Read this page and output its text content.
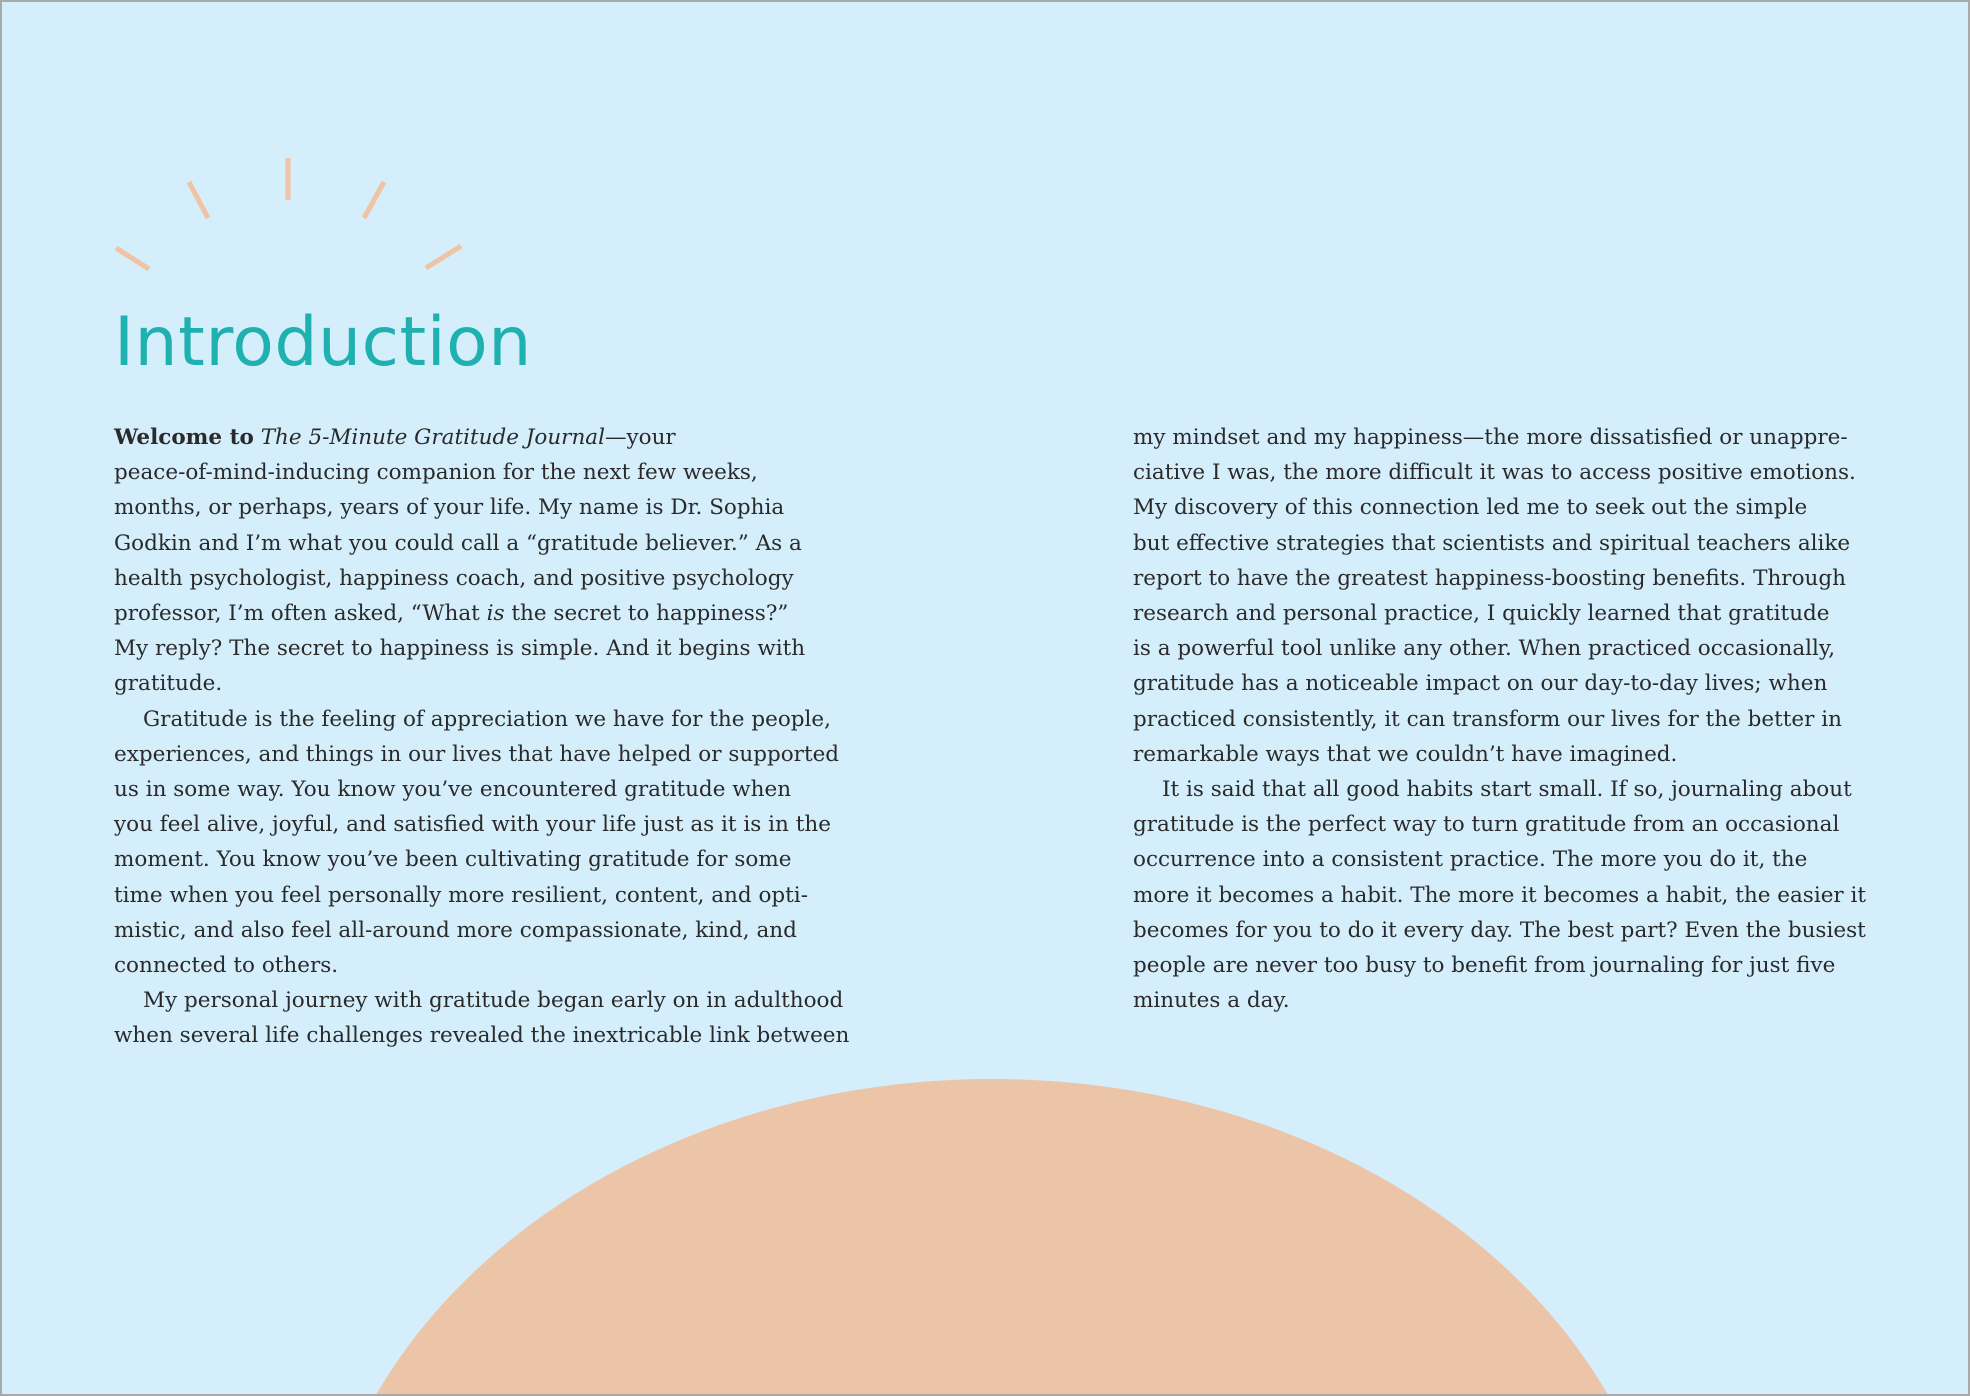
Introduction

Welcome to The 5-Minute Gratitude Journal—your
peace-of-mind-inducing companion for the next few weeks,
months, or perhaps, years of your life. My name is Dr. Sophia
Godkin and I’m what you could call a “gratitude believer.” As a
health psychologist, happiness coach, and positive psychology
professor, I’m often asked, “What is the secret to happiness?”
My reply? The secret to happiness is simple. And it begins with
gratitude.

Gratitude is the feeling of appreciation we have for the people,
experiences, and things in our lives that have helped or supported
us in some way. You know you’ve encountered gratitude when
you feel alive, joyful, and satisfied with your life just as it is in the
moment. You know you’ve been cultivating gratitude for some
time when you feel personally more resilient, content, and opti-
mistic, and also feel all-around more compassionate, kind, and
connected to others.

My personal journey with gratitude began early on in adulthood
when several life challenges revealed the inextricable link between

my mindset and my happiness—the more dissatisfied or unappre-
ciative I was, the more difficult it was to access positive emotions.
My discovery of this connection led me to seek out the simple
but effective strategies that scientists and spiritual teachers alike
report to have the greatest happiness-boosting benefits. Through
research and personal practice, I quickly learned that gratitude
is a powerful tool unlike any other. When practiced occasionally,
gratitude has a noticeable impact on our day-to-day lives; when
practiced consistently, it can transform our lives for the better in
remarkable ways that we couldn’t have imagined.

It is said that all good habits start small. If so, journaling about
gratitude is the perfect way to turn gratitude from an occasional
occurrence into a consistent practice. The more you do it, the
more it becomes a habit. The more it becomes a habit, the easier it
becomes for you to do it every day. The best part? Even the busiest
people are never too busy to benefit from journaling for just five
minutes a day.
